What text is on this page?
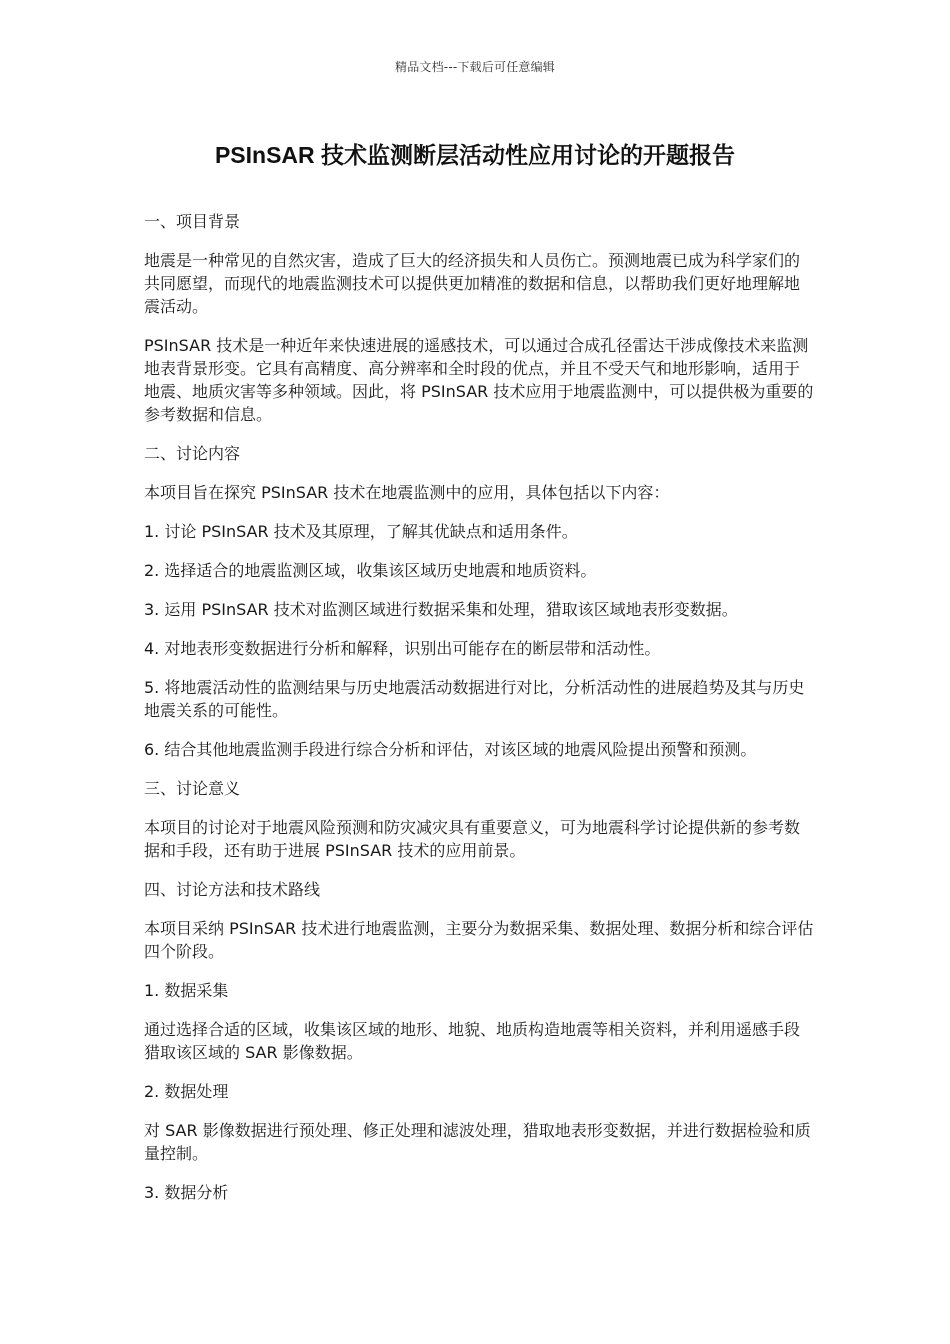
精品文档---下载后可任意编辑
PSInSAR 技术监测断层活动性应用讨论的开题报告

一、项目背景

地震是一种常见的自然灾害，造成了巨大的经济损失和人员伤亡。预测地震已成为科学家们的共同愿望，而现代的地震监测技术可以提供更加精准的数据和信息，以帮助我们更好地理解地震活动。

PSInSAR 技术是一种近年来快速进展的遥感技术，可以通过合成孔径雷达干涉成像技术来监测地表背景形变。它具有高精度、高分辨率和全时段的优点，并且不受天气和地形影响，适用于地震、地质灾害等多种领域。因此，将 PSInSAR 技术应用于地震监测中，可以提供极为重要的参考数据和信息。

二、讨论内容

本项目旨在探究 PSInSAR 技术在地震监测中的应用，具体包括以下内容：

1. 讨论 PSInSAR 技术及其原理，了解其优缺点和适用条件。

2. 选择适合的地震监测区域，收集该区域历史地震和地质资料。

3. 运用 PSInSAR 技术对监测区域进行数据采集和处理，猎取该区域地表形变数据。

4. 对地表形变数据进行分析和解释，识别出可能存在的断层带和活动性。

5. 将地震活动性的监测结果与历史地震活动数据进行对比，分析活动性的进展趋势及其与历史地震关系的可能性。

6. 结合其他地震监测手段进行综合分析和评估，对该区域的地震风险提出预警和预测。

三、讨论意义

本项目的讨论对于地震风险预测和防灾减灾具有重要意义，可为地震科学讨论提供新的参考数据和手段，还有助于进展 PSInSAR 技术的应用前景。

四、讨论方法和技术路线

本项目采纳 PSInSAR 技术进行地震监测，主要分为数据采集、数据处理、数据分析和综合评估四个阶段。

1. 数据采集

通过选择合适的区域，收集该区域的地形、地貌、地质构造地震等相关资料，并利用遥感手段猎取该区域的 SAR 影像数据。

2. 数据处理

对 SAR 影像数据进行预处理、修正处理和滤波处理，猎取地表形变数据，并进行数据检验和质量控制。

3. 数据分析
